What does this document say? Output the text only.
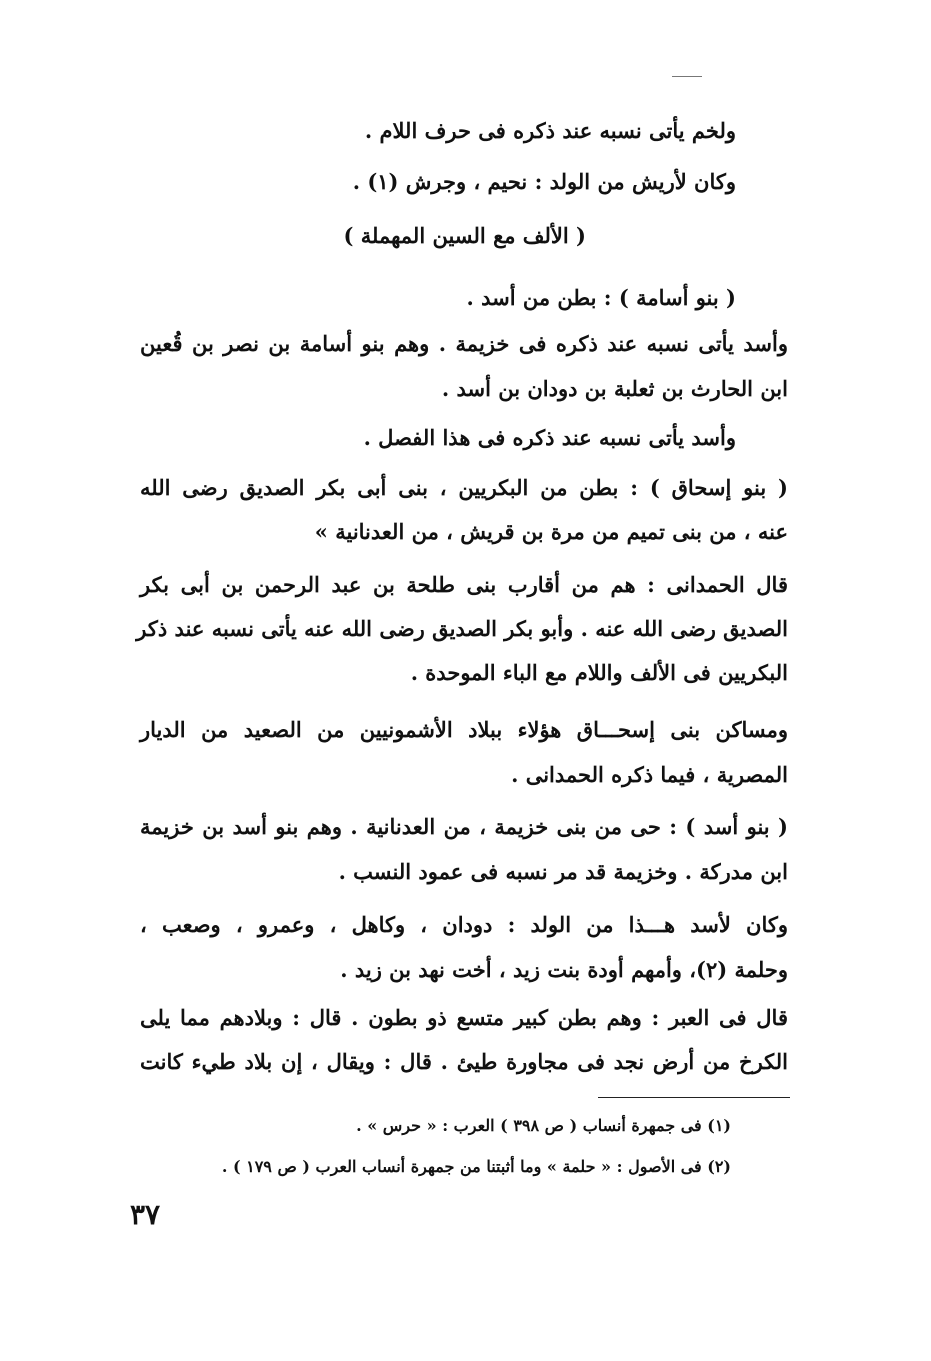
ولخم يأتى نسبه عند ذكره فى حرف اللام .

وكان لأريش من الولد : نحيم ، وجرش (١) .

( الألف مع السين المهملة )

( بنو أسامة ) : بطن من أسد .

وأسد يأتى نسبه عند ذكره فى خزيمة . وهم بنو أسامة بن نصر بن قُعين

ابن الحارث بن ثعلبة بن دودان بن أسد .

وأسد يأتى نسبه عند ذكره فى هذا الفصل .

( بنو إسحاق ) : بطن من البكريين ، بنى أبى بكر الصديق رضى الله

عنه ، من بنى تميم من مرة بن قريش ، من العدنانية »

قال الحمدانى : هم من أقارب بنى طلحة بن عبد الرحمن بن أبى بكر

الصديق رضى الله عنه . وأبو بكر الصديق رضى الله عنه يأتى نسبه عند ذكر

البكريين فى الألف واللام مع الباء الموحدة .

ومساكن بنى إسحـــاق هؤلاء ببلاد الأشمونيين من الصعيد من الديار

المصرية ، فيما ذكره الحمدانى .

( بنو أسد ) : حى من بنى خزيمة ، من العدنانية . وهم بنو أسد بن خزيمة

ابن مدركة . وخزيمة قد مر نسبه فى عمود النسب .

وكان لأسد هـــذا من الولد : دودان ، وكاهل ، وعمرو ، وصعب ،

وحلمة (٢)، وأمهم أودة بنت زيد ، أخت نهد بن زيد .

قال فى العبر : وهم بطن كبير متسع ذو بطون . قال : وبلادهم مما يلى

الكرخ من أرض نجد فى مجاورة طيئ . قال : ويقال ، إن بلاد طيء كانت

(١) فى جمهرة أنساب ( ص ٣٩٨ ) العرب : « حرس » .

(٢) فى الأصول : « حلمة » وما أثبتنا من جمهرة أنساب العرب ( ص ١٧٩ ) .

٣٧
